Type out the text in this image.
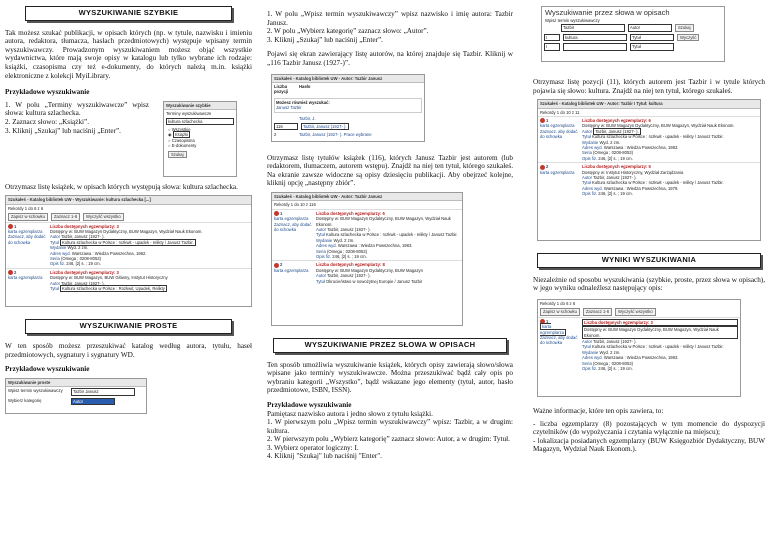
WYSZUKIWANIE SZYBKIE

Tak możesz szukać publikacji, w opisach których (np. w tytule, nazwisku i imieniu autora, redaktora, tłumacza, hasłach przedmiotowych) występuje wpisany termin wyszukiwawczy. Prowadzonym wyszukiwaniem możesz objąć wszystkie wydawnictwa, które mają swoje opisy w katalogu lub tylko wybrane ich rodzaje: książki, czasopisma czy też e-dokumenty, do których należą m.in. książki elektroniczne z kolekcji MyiLibrary.

Przykładowe wyszukiwanie

1. W polu „Terminy wyszukiwawcze” wpisz słowa: kultura szlachecka.

2. Zaznacz słowo: „Książki”.

3. Kliknij „Szukaj” lub naciśnij „Enter”.

Wyszukiwanie szybkie
Terminy wyszukiwawcze
kultura szlachecka
○ Wszystkie
◉ Książki
○ Czasopisma
○ E-dokumenty
Szukaj

Otrzymasz listę książek, w opisach których występują słowa: kultura szlachecka.

Szukałeś - Katalog bibliotek UW - Wyszukiwanie: kultura szlachecka [...]
Rekordy 1 do 6 z 6
Zapisz w schowku	Zaznacz 1-6	Wyczyść wszystko
1
karta egzemplarza
Zaznacz, aby dodać do schowka
Liczba dostępnych egzemplarzy: 3
Dostępny w: BUW Magazyn Dydaktyczny, BUW Magazyn, Wydział Nauk Ekonom.
Autor Tazbir, Janusz (1927- ).
Tytuł Kultura szlachecka w Polsce : rozkwit - upadek - relikty / Janusz Tazbir.
Wydanie Wyd. 2 zm.
Adres wyd. Warszawa : Wiedza Powszechna, 1982.
Seria (Omega ; 0208-8053)
Opis fiz. 246, [2] s. ; 19 cm.
2
karta egzemplarza
Liczba dostępnych egzemplarzy: 3
Dostępny w: BUW Magazyn, BUW Główny, Instytut Historyczny
Autor Tazbir, Janusz (1927- ).
Tytuł Kultura szlachecka w Polsce : Rozkwit, Upadek, Relikty
WYSZUKIWANIE PROSTE

W ten sposób możesz przeszukiwać katalog według autora, tytułu, haseł przedmiotowych, sygnatury i sygnatury WD.

Przykładowe wyszukiwanie

Wyszukiwanie proste
Wpisz termin wyszukiwawczy	Tazbir Janusz
Wybierz kategorię	Autor

1. W polu „Wpisz termin wyszukiwawczy” wpisz nazwisko i imię autora: Tazbir Janusz.

2. W polu „Wybierz kategorię” zaznacz słowo: „Autor”.

3. Kliknij „Szukaj” lub naciśnij „Enter”.

Pojawi się ekran zawierający listę autorów, na której znajduje się Tazbir. Kliknij w „116 Tazbir Janusz (1927-)”.

Szukałeś - Katalog bibliotek UW - Autor: Tazbir Janusz
Liczba pozycji
Hasło
Możesz również wyszukać:
Janusz Tazbir
Tazbir, J.
116	Tazbir, Janusz (1927- ).
2	Tazbir, Janusz (1927- ). Prace wybrane

Otrzymasz listę tytułów książek (116), których Janusz Tazbir jest autorem (lub redaktorem, tłumaczem, autorem wstępu). Znajdź na niej ten tytuł, którego szukałeś. Na ekranie zawsze widoczne są opisy dziesięciu publikacji. Aby obejrzeć kolejne, kliknij opcję „następny zbiór”.

Szukałeś - Katalog bibliotek UW - Autor: Tazbir Janusz
Rekordy 1 do 10 z 116
1
karta egzemplarza
Zaznacz, aby dodać do schowka
Liczba dostępnych egzemplarzy: 6
Dostępny w: BUW Magazyn Dydaktyczny, BUW Magazyn, Wydział Nauk Ekonom.
Autor Tazbir, Janusz (1927- ).
Tytuł Kultura szlachecka w Polsce : rozkwit - upadek - relikty / Janusz Tazbir.
Wydanie Wyd. 2 zm.
Adres wyd. Warszawa : Wiedza Powszechna, 1983.
Seria (Omega ; 0208-8053)
Opis fiz. 246, [2] s. ; 19 cm.
2
karta egzemplarza
Liczba dostępnych egzemplarzy: 8
Dostępny w: BUW Magazyn Dydaktyczny, BUW Magazyn
Autor Tazbir, Janusz (1927- ).
Tytuł Okrucieństwo w nowożytnej Europie / Janusz Tazbir
WYSZUKIWANIE PRZEZ SŁOWA W OPISACH

Ten sposób umożliwia wyszukiwanie książek, których opisy zawierają słowo/słowa wpisane jako termin/y wyszukiwawcze. Można przeszukiwać bądź cały opis po wybraniu kategorii „Wszystko”, bądź wskazane jego elementy (tytuł, autor, hasło przedmiotowe, ISBN, ISSN).

Przykładowe wyszukiwanie

Pamiętasz nazwisko autora i jedno słowo z tytułu książki.

1. W pierwszym polu „Wpisz termin wyszukiwawczy” wpisz: Tazbir, a w drugim: kultura.

2. W pierwszym polu „Wybierz kategorię” zaznacz słowo: Autor, a w drugim: Tytuł.

3. Wybierz operator logiczny: I.

4. Kliknij "Szukaj" lub naciśnij "Enter".

Wyszukiwanie przez słowa w opisach
Wpisz termin wyszukiwawczy
Tazbir	Autor	Szukaj
I	kultura	Tytuł	Wyczyść
I	Tytuł

Otrzymasz listę pozycji (11), których autorem jest Tazbir i w tytule których pojawia się słowo: kultura. Znajdź na niej ten tytuł, którego szukałeś.

Szukałeś - Katalog bibliotek UW - Autor: Tazbir I Tytuł: kultura
Rekordy 1 do 10 z 11
1
karta egzemplarza
Zaznacz, aby dodać do schowka
Liczba dostępnych egzemplarzy: 6
Dostępny w: BUW Magazyn Dydaktyczny, BUW Magazyn, Wydział Nauk Ekonom.
Autor Tazbir, Janusz (1927- ).
Tytuł Kultura szlachecka w Polsce : rozkwit - upadek - relikty / Janusz Tazbir.
Wydanie Wyd. 2 zm.
Adres wyd. Warszawa : Wiedza Powszechna, 1983.
Seria (Omega ; 0208-8053)
Opis fiz. 246, [2] s. ; 19 cm.
2
karta egzemplarza
Liczba dostępnych egzemplarzy: 5
Dostępny w: Instytut Historyczny, Wydział Zarządzania
Autor Tazbir, Janusz (1927- ).
Tytuł Kultura szlachecka w Polsce : rozkwit - upadek - relikty / Janusz Tazbir.
Adres wyd. Warszawa : Wiedza Powszechna, 1979.
Opis fiz. 246, [2] s. ; 19 cm.
WYNIKI WYSZUKIWANIA

Niezależnie od sposobu wyszukiwania (szybkie, proste, przez słowa w opisach), w jego wyniku odnaleźlesz następujący opis:

Rekordy 1 do 6 z 6
Zapisz w schowku	Zaznacz 1-6	Wyczyść wszystko
1
karta egzemplarza
Zaznacz, aby dodać do schowka
Liczba dostępnych egzemplarzy: 3
Dostępny w: BUW Magazyn Dydaktyczny, BUW Magazyn, Wydział Nauk Ekonom.
Autor Tazbir, Janusz (1927- ).
Tytuł Kultura szlachecka w Polsce : rozkwit - upadek - relikty / Janusz Tazbir.
Wydanie Wyd. 2 zm.
Adres wyd. Warszawa : Wiedza Powszechna, 1983.
Seria (Omega ; 0208-8053)
Opis fiz. 246, [2] s. ; 19 cm.

Ważne informacje, które ten opis zawiera, to:

- liczba egzemplarzy (8) pozostających w tym momencie do dyspozycji czytelników (do wypożyczania i czytania wyłącznie na miejscu);

- lokalizacja posiadanych egzemplarzy (BUW Księgozbiór Dydaktyczny, BUW Magazyn, Wydział Nauk Ekonom.).
